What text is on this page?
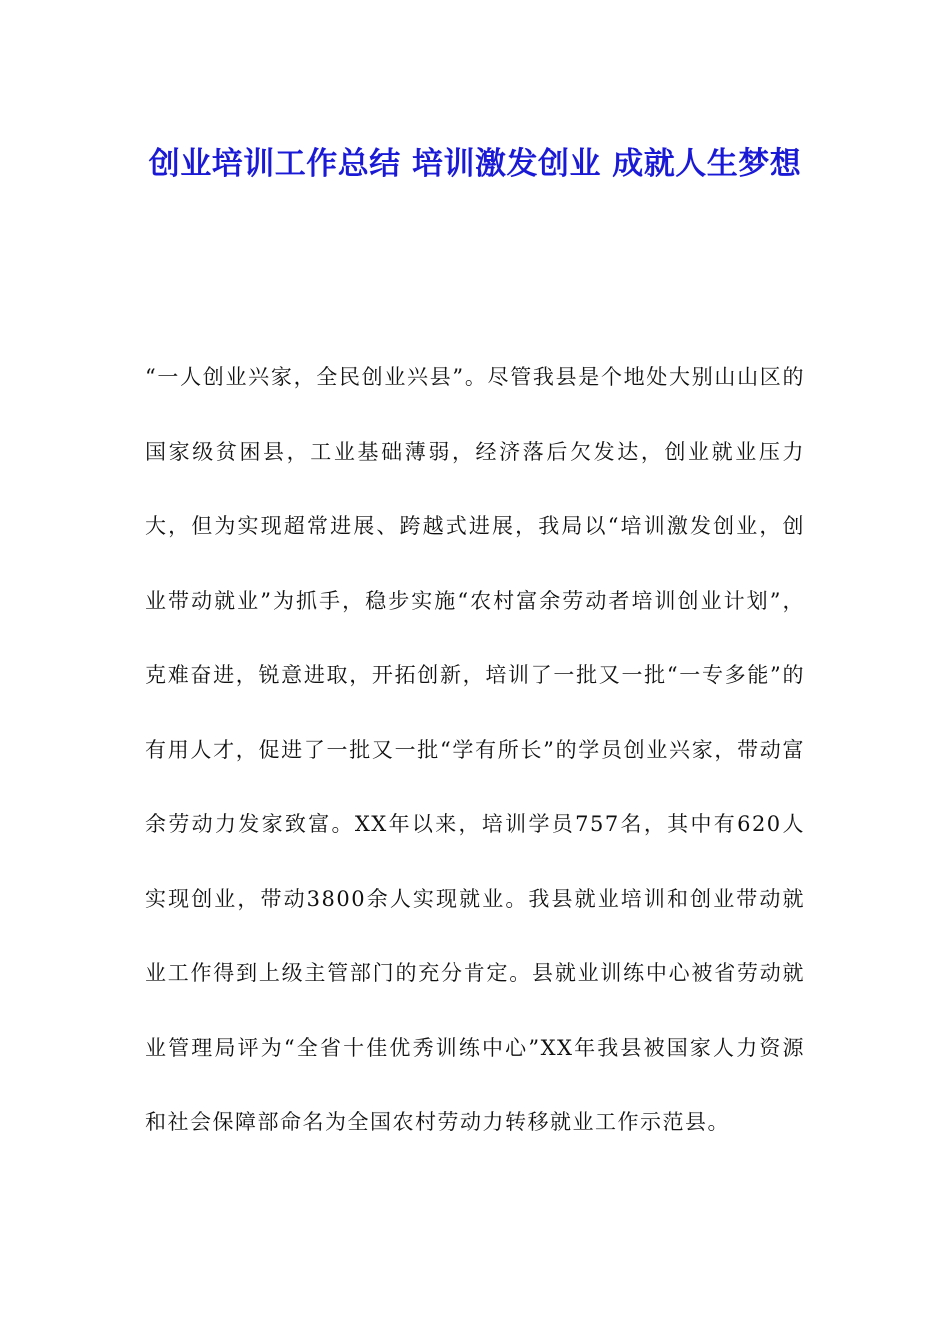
创业培训工作总结 培训激发创业 成就人生梦想
“一人创业兴家，全民创业兴县”。尽管我县是个地处大别山山区的国家级贫困县，工业基础薄弱，经济落后欠发达，创业就业压力大，但为实现超常进展、跨越式进展，我局以“培训激发创业，创业带动就业”为抓手，稳步实施“农村富余劳动者培训创业计划”，克难奋进，锐意进取，开拓创新，培训了一批又一批“一专多能”的有用人才，促进了一批又一批“学有所长”的学员创业兴家，带动富余劳动力发家致富。XX年以来，培训学员757名，其中有620人实现创业，带动3800余人实现就业。我县就业培训和创业带动就业工作得到上级主管部门的充分肯定。县就业训练中心被省劳动就业管理局评为“全省十佳优秀训练中心”XX年我县被国家人力资源和社会保障部命名为全国农村劳动力转移就业工作示范县。
